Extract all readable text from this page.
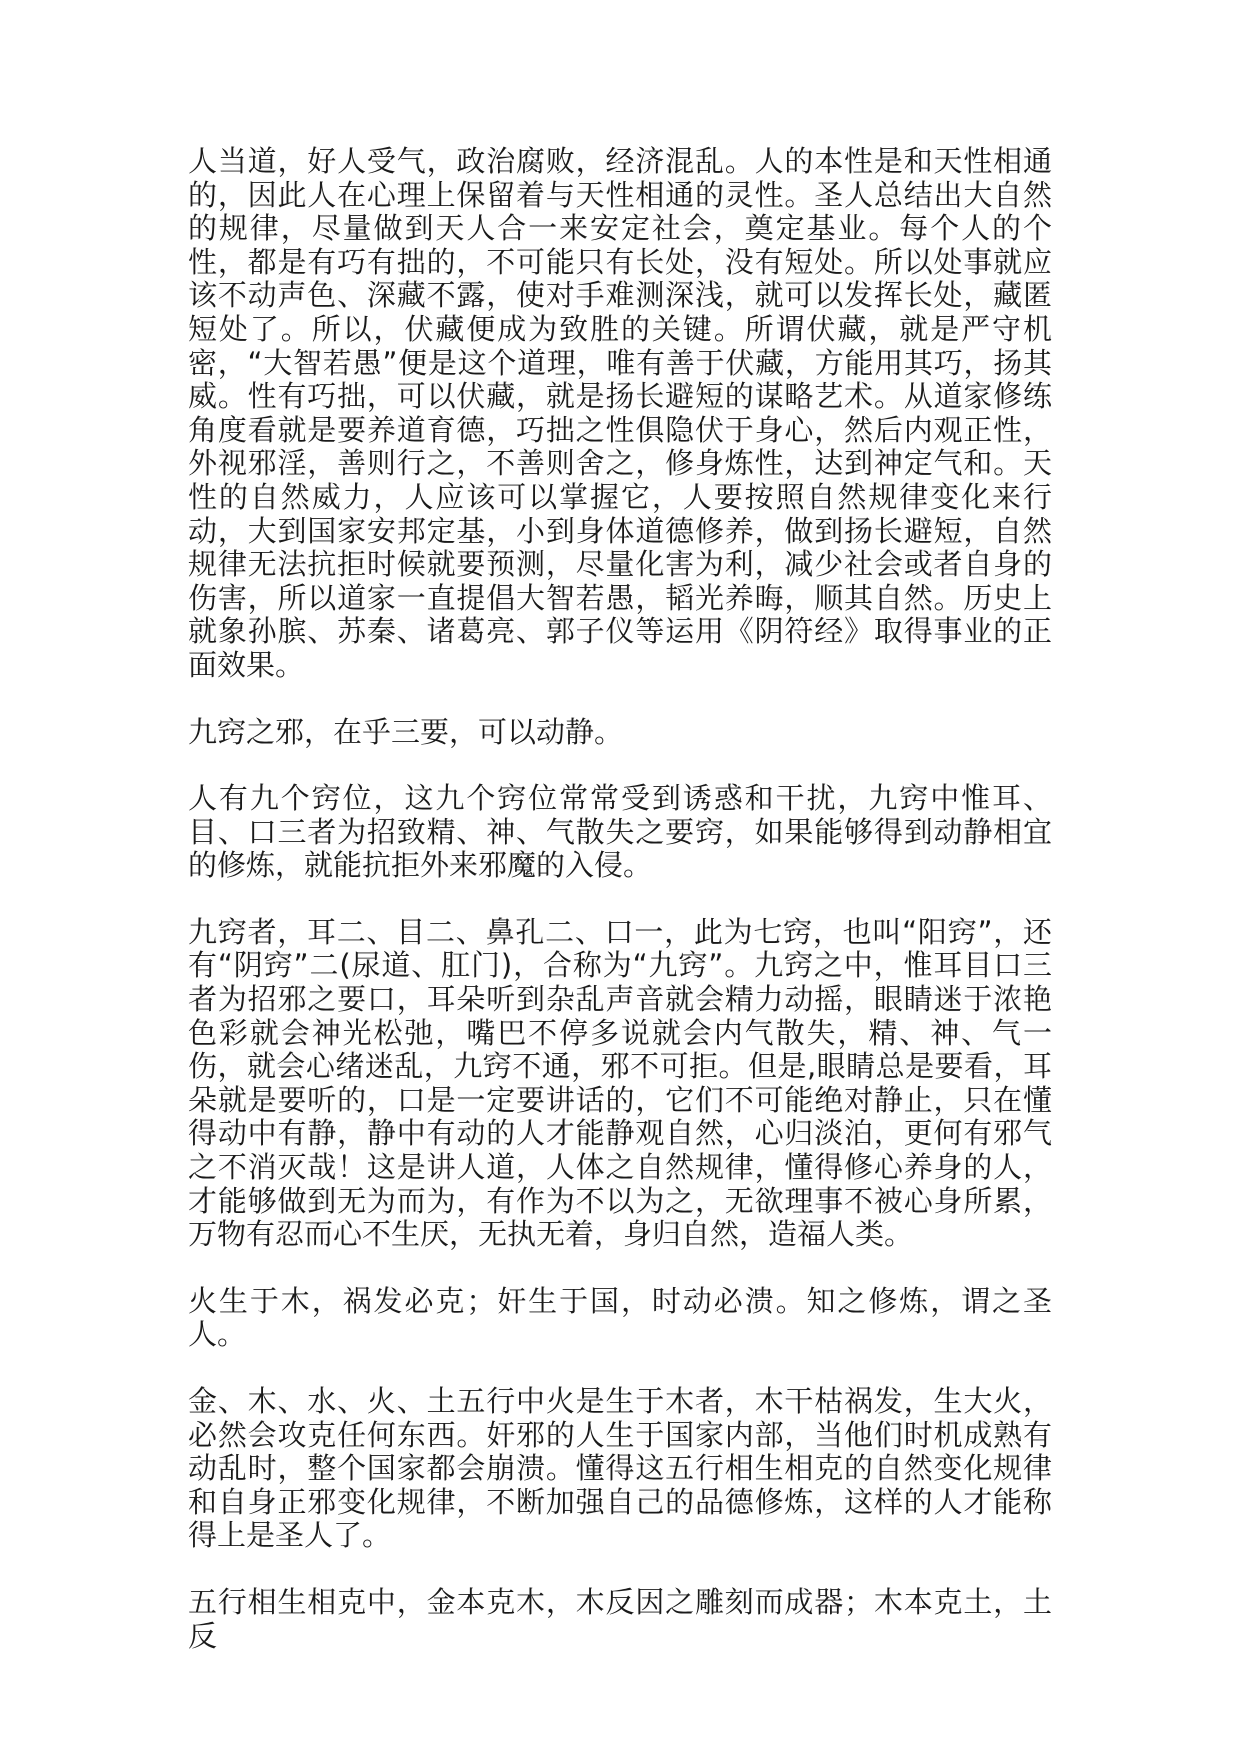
人当道，好人受气，政治腐败，经济混乱。人的本性是和天性相通的，因此人在心理上保留着与天性相通的灵性。圣人总结出大自然的规律，尽量做到天人合一来安定社会，奠定基业。每个人的个性，都是有巧有拙的，不可能只有长处，没有短处。所以处事就应该不动声色、深藏不露，使对手难测深浅，就可以发挥长处，藏匿短处了。所以，伏藏便成为致胜的关键。所谓伏藏，就是严守机密，“大智若愚”便是这个道理，唯有善于伏藏，方能用其巧，扬其威。性有巧拙，可以伏藏，就是扬长避短的谋略艺术。从道家修练角度看就是要养道育德，巧拙之性俱隐伏于身心，然后内观正性，外视邪淫，善则行之，不善则舍之，修身炼性，达到神定气和。天性的自然威力，人应该可以掌握它，人要按照自然规律变化来行动，大到国家安邦定基，小到身体道德修养，做到扬长避短，自然规律无法抗拒时候就要预测，尽量化害为利，减少社会或者自身的伤害，所以道家一直提倡大智若愚，韬光养晦，顺其自然。历史上就象孙膑、苏秦、诸葛亮、郭子仪等运用《阴符经》取得事业的正面效果。

九窍之邪，在乎三要，可以动静。

人有九个窍位，这九个窍位常常受到诱惑和干扰，九窍中惟耳、目、口三者为招致精、神、气散失之要窍，如果能够得到动静相宜的修炼，就能抗拒外来邪魔的入侵。

九窍者，耳二、目二、鼻孔二、口一，此为七窍，也叫“阳窍”，还有“阴窍”二(尿道、肛门)，合称为“九窍”。九窍之中，惟耳目口三者为招邪之要口，耳朵听到杂乱声音就会精力动摇，眼睛迷于浓艳色彩就会神光松弛，嘴巴不停多说就会内气散失，精、神、气一伤，就会心绪迷乱，九窍不通，邪不可拒。但是,眼睛总是要看，耳朵就是要听的，口是一定要讲话的，它们不可能绝对静止，只在懂得动中有静，静中有动的人才能静观自然，心归淡泊，更何有邪气之不消灭哉！这是讲人道，人体之自然规律，懂得修心养身的人，才能够做到无为而为，有作为不以为之，无欲理事不被心身所累，万物有忍而心不生厌，无执无着，身归自然，造福人类。

火生于木，祸发必克；奸生于国，时动必溃。知之修炼，谓之圣人。

金、木、水、火、土五行中火是生于木者，木干枯祸发，生大火，必然会攻克任何东西。奸邪的人生于国家内部，当他们时机成熟有动乱时，整个国家都会崩溃。懂得这五行相生相克的自然变化规律和自身正邪变化规律，不断加强自己的品德修炼，这样的人才能称得上是圣人了。

五行相生相克中，金本克木，木反因之雕刻而成器；木本克土，土反
